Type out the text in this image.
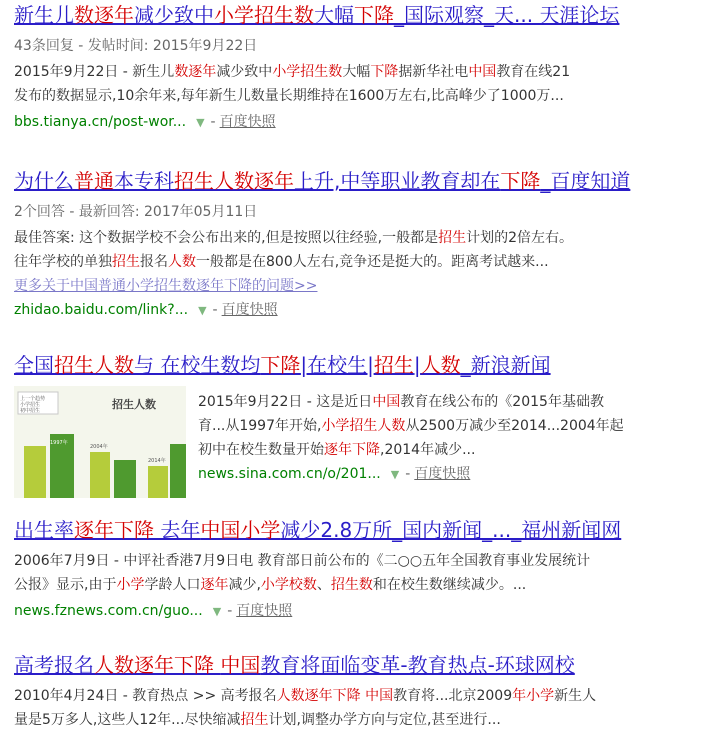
新生儿数逐年减少致中小学招生数大幅下降_国际观察_天... 天涯论坛
43条回复 - 发帖时间: 2015年9月22日
2015年9月22日 - 新生儿数逐年减少致中小学招生数大幅下降据新华社电中国教育在线21
发布的数据显示,10余年来,每年新生儿数量长期维持在1600万左右,比高峰少了1000万...
bbs.tianya.cn/post-wor... ▼ - 百度快照
为什么普通本专科招生人数逐年上升,中等职业教育却在下降_百度知道
2个回答 - 最新回答: 2017年05月11日
最佳答案: 这个数据学校不会公布出来的,但是按照以往经验,一般都是招生计划的2倍左右。
往年学校的单独招生报名人数一般都是在800人左右,竞争还是挺大的。距离考试越来...
更多关于中国普通小学招生数逐年下降的问题>>
zhidao.baidu.com/link?... ▼ - 百度快照
全国招生人数与 在校生数均下降|在校生|招生|人数_新浪新闻
招生人数
上一个趋势
小学招生
初中招生
1997年
2004年
2014年
2015年9月22日 - 这是近日中国教育在线公布的《2015年基础教
育...从1997年开始,小学招生人数从2500万减少至2014...2004年起
初中在校生数量开始逐年下降,2014年减少...
news.sina.com.cn/o/201... ▼ - 百度快照
出生率逐年下降 去年中国小学减少2.8万所_国内新闻_..._福州新闻网
2006年7月9日 - 中评社香港7月9日电 教育部日前公布的《二○○五年全国教育事业发展统计
公报》显示,由于小学学龄人口逐年减少,小学校数、招生数和在校生数继续减少。...
news.fznews.com.cn/guo... ▼ - 百度快照
高考报名人数逐年下降 中国教育将面临变革-教育热点-环球网校
2010年4月24日 - 教育热点 >> 高考报名人数逐年下降 中国教育将...北京2009年小学新生人
量是5万多人,这些人12年...尽快缩减招生计划,调整办学方向与定位,甚至进行...
